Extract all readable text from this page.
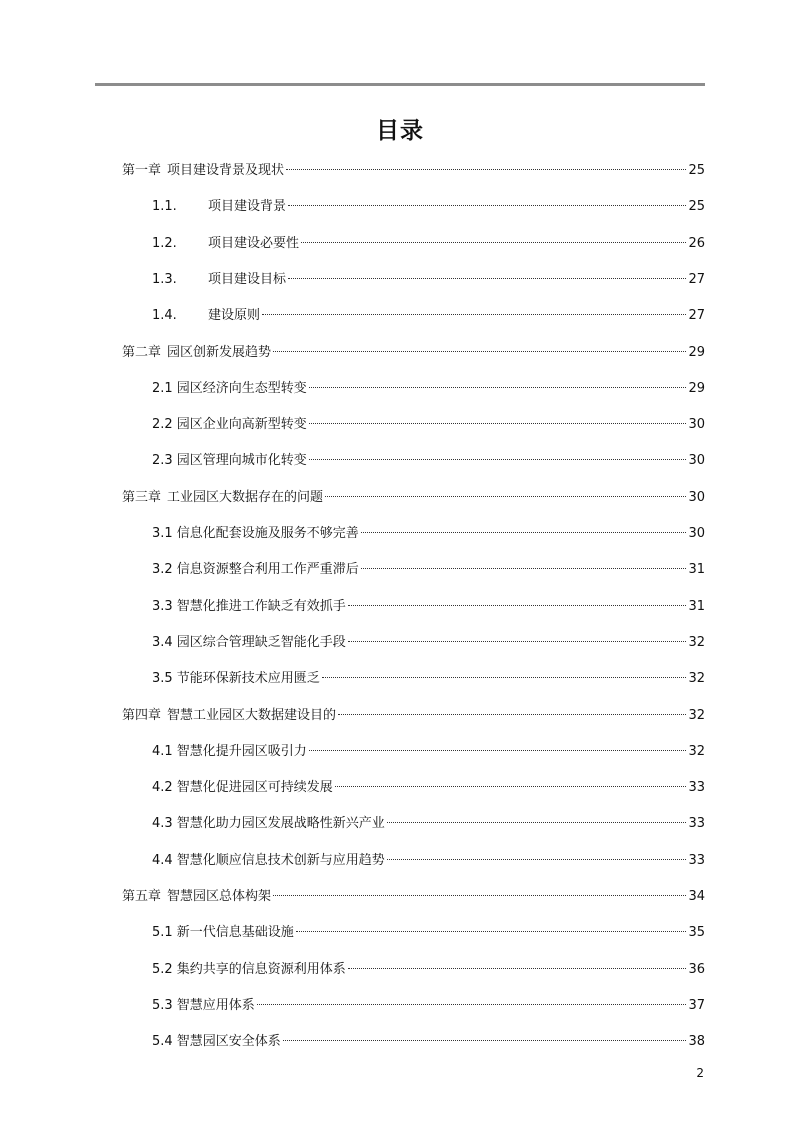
目录
第一章 项目建设背景及现状	25
1.1.	项目建设背景	25
1.2.	项目建设必要性	26
1.3.	项目建设目标	27
1.4.	建设原则	27
第二章 园区创新发展趋势	29
2.1 园区经济向生态型转变	29
2.2 园区企业向高新型转变	30
2.3 园区管理向城市化转变	30
第三章 工业园区大数据存在的问题	30
3.1 信息化配套设施及服务不够完善	30
3.2 信息资源整合利用工作严重滞后	31
3.3 智慧化推进工作缺乏有效抓手	31
3.4 园区综合管理缺乏智能化手段	32
3.5 节能环保新技术应用匮乏	32
第四章 智慧工业园区大数据建设目的	32
4.1 智慧化提升园区吸引力	32
4.2 智慧化促进园区可持续发展	33
4.3 智慧化助力园区发展战略性新兴产业	33
4.4 智慧化顺应信息技术创新与应用趋势	33
第五章 智慧园区总体构架	34
5.1 新一代信息基础设施	35
5.2 集约共享的信息资源利用体系	36
5.3 智慧应用体系	37
5.4 智慧园区安全体系	38
2
